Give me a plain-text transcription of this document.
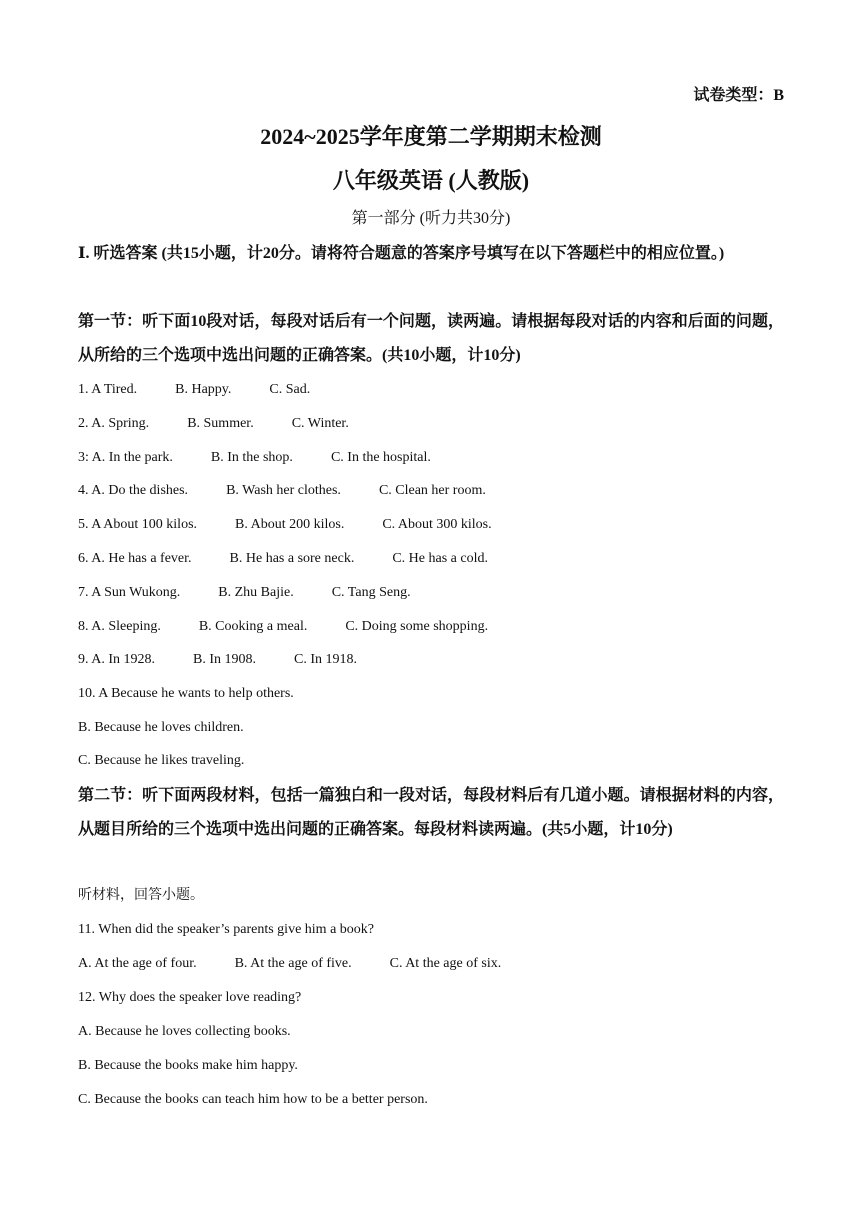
试卷类型：B
2024~2025学年度第二学期期末检测
八年级英语 (人教版)
第一部分 (听力共30分)
Ⅰ. 听选答案 (共15小题，计20分。请将符合题意的答案序号填写在以下答题栏中的相应位置。)
第一节：听下面10段对话，每段对话后有一个问题，读两遍。请根据每段对话的内容和后面的问题，从所给的三个选项中选出问题的正确答案。(共10小题，计10分)
1. A Tired.	B. Happy.	C. Sad.
2. A. Spring.	B. Summer.	C. Winter.
3: A. In the park.	B. In the shop.	C. In the hospital.
4. A. Do the dishes.	B. Wash her clothes.	C. Clean her room.
5. A About 100 kilos.	B. About 200 kilos.	C. About 300 kilos.
6. A. He has a fever.	B. He has a sore neck.	C. He has a cold.
7. A Sun Wukong.	B. Zhu Bajie.	C. Tang Seng.
8. A. Sleeping.	B. Cooking a meal.	C. Doing some shopping.
9. A. In 1928.	B. In 1908.	C. In 1918.
10. A Because he wants to help others.
B. Because he loves children.
C. Because he likes traveling.
第二节：听下面两段材料，包括一篇独白和一段对话，每段材料后有几道小题。请根据材料的内容，从题目所给的三个选项中选出问题的正确答案。每段材料读两遍。(共5小题，计10分)
听材料，回答小题。
11. When did the speaker’s parents give him a book?
A. At the age of four.	B. At the age of five.	C. At the age of six.
12. Why does the speaker love reading?
A. Because he loves collecting books.
B. Because the books make him happy.
C. Because the books can teach him how to be a better person.
